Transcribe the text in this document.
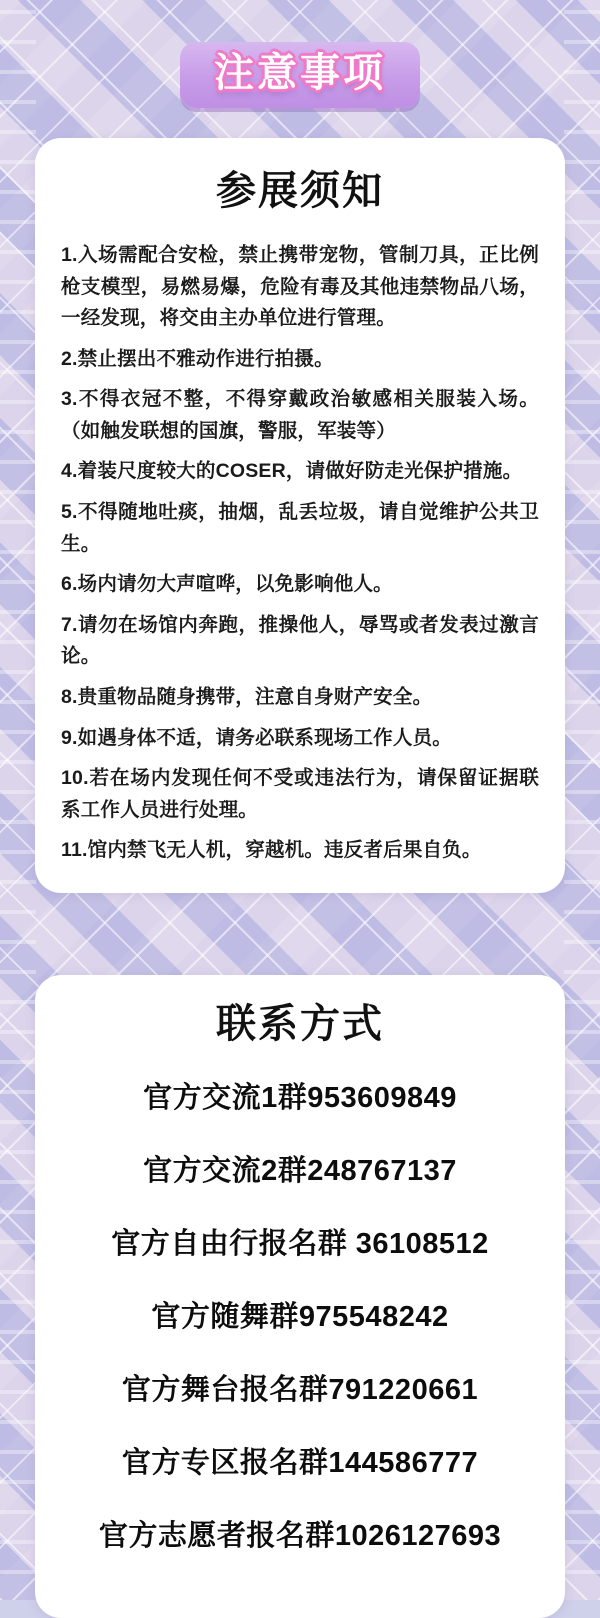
注意事项
参展须知

1.入场需配合安检，禁止携带宠物，管制刀具，正比例枪支模型，易燃易爆，危险有毒及其他违禁物品八场，一经发现，将交由主办单位进行管理。

2.禁止摆出不雅动作进行拍摄。

3.不得衣冠不整，不得穿戴政治敏感相关服装入场。（如触发联想的国旗，警服，军装等）

4.着装尺度较大的COSER，请做好防走光保护措施。

5.不得随地吐痰，抽烟，乱丢垃圾，请自觉维护公共卫生。

6.场内请勿大声喧哗，以免影响他人。

7.请勿在场馆内奔跑，推操他人，辱骂或者发表过激言论。

8.贵重物品随身携带，注意自身财产安全。

9.如遇身体不适，请务必联系现场工作人员。

10.若在场内发现任何不受或违法行为，请保留证据联系工作人员进行处理。

11.馆内禁飞无人机，穿越机。违反者后果自负。

联系方式

官方交流1群953609849

官方交流2群248767137

官方自由行报名群 36108512

官方随舞群975548242

官方舞台报名群791220661

官方专区报名群144586777

官方志愿者报名群1026127693
